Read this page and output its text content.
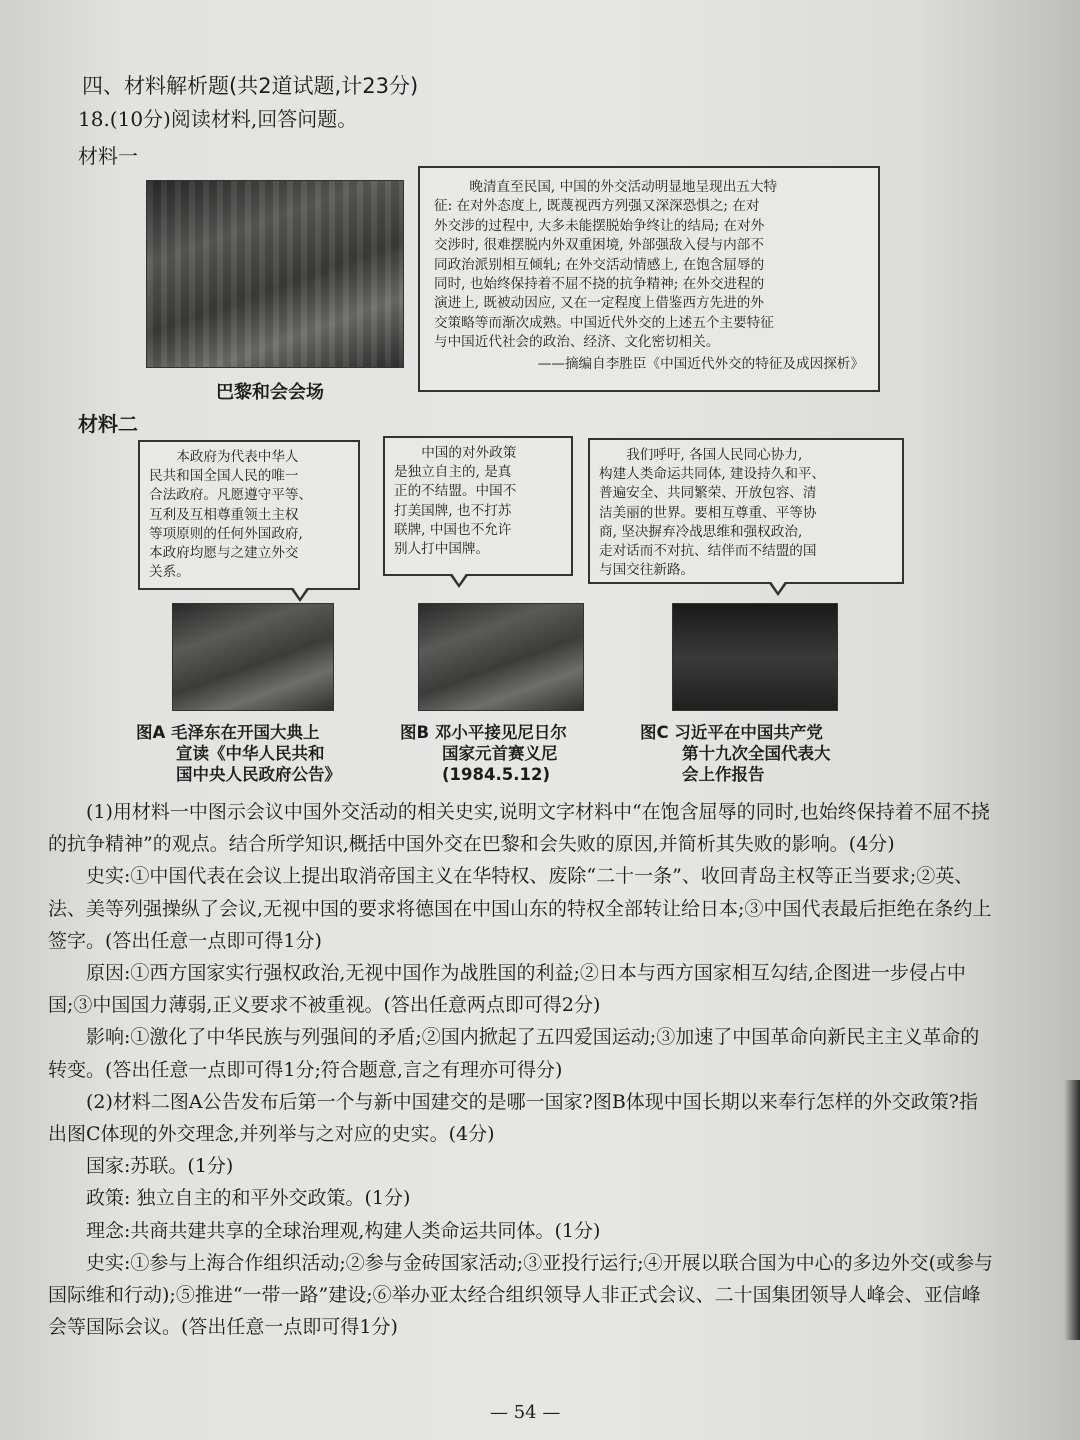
四、材料解析题(共2道试题,计23分)
18.(10分)阅读材料,回答问题。
材料一
巴黎和会会场
晚清直至民国, 中国的外交活动明显地呈现出五大特
征: 在对外态度上, 既蔑视西方列强又深深恐惧之; 在对
外交涉的过程中, 大多未能摆脱始争终让的结局; 在对外
交涉时, 很难摆脱内外双重困境, 外部强敌入侵与内部不
同政治派别相互倾轧; 在外交活动情感上, 在饱含屈辱的
同时, 也始终保持着不屈不挠的抗争精神; 在外交进程的
演进上, 既被动因应, 又在一定程度上借鉴西方先进的外
交策略等而渐次成熟。中国近代外交的上述五个主要特征
与中国近代社会的政治、经济、文化密切相关。
——摘编自李胜臣《中国近代外交的特征及成因探析》
材料二
本政府为代表中华人
民共和国全国人民的唯一
合法政府。凡愿遵守平等、
互利及互相尊重领土主权
等项原则的任何外国政府,
本政府均愿与之建立外交
关系。
中国的对外政策
是独立自主的, 是真
正的不结盟。中国不
打美国牌, 也不打苏
联牌, 中国也不允许
别人打中国牌。
我们呼吁, 各国人民同心协力,
构建人类命运共同体, 建设持久和平、
普遍安全、共同繁荣、开放包容、清
洁美丽的世界。要相互尊重、平等协
商, 坚决摒弃冷战思维和强权政治,
走对话而不对抗、结伴而不结盟的国
与国交往新路。
图A 毛泽东在开国大典上
宣读《中华人民共和
国中央人民政府公告》
图B 邓小平接见尼日尔
国家元首赛义尼
(1984.5.12)
图C 习近平在中国共产党
第十九次全国代表大
会上作报告

(1)用材料一中图示会议中国外交活动的相关史实,说明文字材料中“在饱含屈辱的同时,也始终保持着不屈不挠的抗争精神”的观点。结合所学知识,概括中国外交在巴黎和会失败的原因,并简析其失败的影响。(4分)

史实:①中国代表在会议上提出取消帝国主义在华特权、废除“二十一条”、收回青岛主权等正当要求;②英、法、美等列强操纵了会议,无视中国的要求将德国在中国山东的特权全部转让给日本;③中国代表最后拒绝在条约上签字。(答出任意一点即可得1分)

原因:①西方国家实行强权政治,无视中国作为战胜国的利益;②日本与西方国家相互勾结,企图进一步侵占中国;③中国国力薄弱,正义要求不被重视。(答出任意两点即可得2分)

影响:①激化了中华民族与列强间的矛盾;②国内掀起了五四爱国运动;③加速了中国革命向新民主主义革命的转变。(答出任意一点即可得1分;符合题意,言之有理亦可得分)

(2)材料二图A公告发布后第一个与新中国建交的是哪一国家?图B体现中国长期以来奉行怎样的外交政策?指出图C体现的外交理念,并列举与之对应的史实。(4分)

国家:苏联。(1分)

政策: 独立自主的和平外交政策。(1分)

理念:共商共建共享的全球治理观,构建人类命运共同体。(1分)

史实:①参与上海合作组织活动;②参与金砖国家活动;③亚投行运行;④开展以联合国为中心的多边外交(或参与国际维和行动);⑤推进“一带一路”建设;⑥举办亚太经合组织领导人非正式会议、二十国集团领导人峰会、亚信峰会等国际会议。(答出任意一点即可得1分)

— 54 —
